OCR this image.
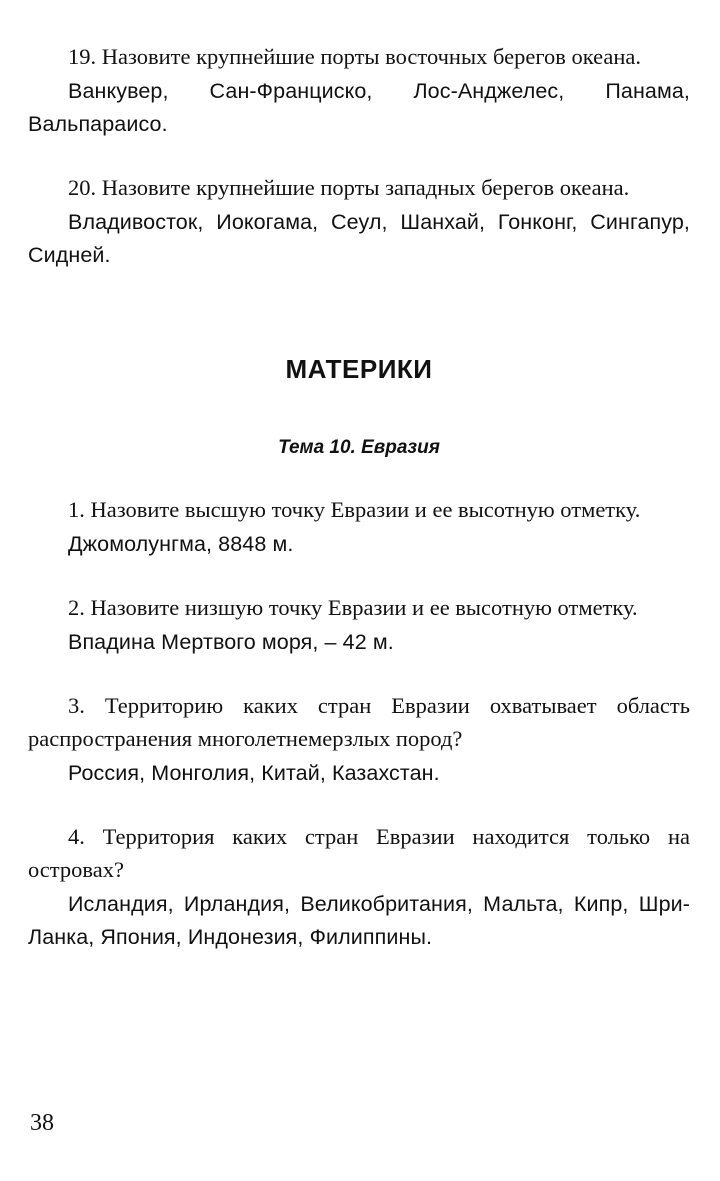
19. Назовите крупнейшие порты восточных берегов океана.

Ванкувер, Сан-Франциско, Лос-Анджелес, Панама, Вальпараисо.

20. Назовите крупнейшие порты западных берегов океана.

Владивосток, Иокогама, Сеул, Шанхай, Гонконг, Сингапур, Сидней.

МАТЕРИКИ
Тема 10. Евразия

1. Назовите высшую точку Евразии и ее высотную отметку.

Джомолунгма, 8848 м.

2. Назовите низшую точку Евразии и ее высотную отметку.

Впадина Мертвого моря, – 42 м.

3. Территорию каких стран Евразии охватывает область распространения многолетнемерзлых пород?

Россия, Монголия, Китай, Казахстан.

4. Территория каких стран Евразии находится только на островах?

Исландия, Ирландия, Великобритания, Мальта, Кипр, Шри-Ланка, Япония, Индонезия, Филиппины.

38
